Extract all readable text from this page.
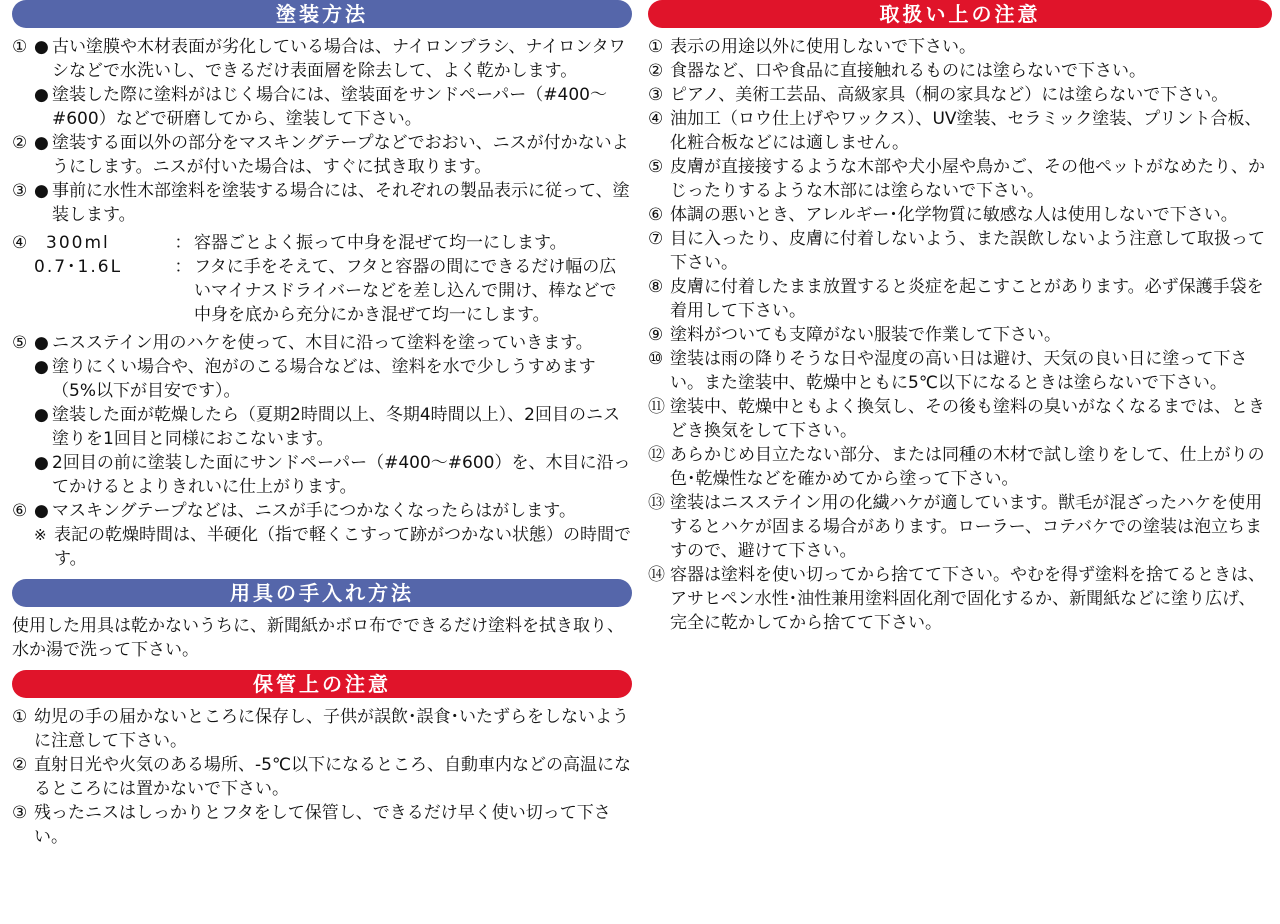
塗装方法
① ● 古い塗膜や木材表面が劣化している場合は、ナイロンブラシ、ナイロンタワシなどで水洗いし、できるだけ表面層を除去して、よく乾かします。
● 塗装した際に塗料がはじく場合には、塗装面をサンドペーパー（#400～#600）などで研磨してから、塗装して下さい。
② ● 塗装する面以外の部分をマスキングテープなどでおおい、ニスが付かないようにします。ニスが付いた場合は、すぐに拭き取ります。
③ ● 事前に水性木部塗料を塗装する場合には、それぞれの製品表示に従って、塗装します。
④	300ml	： 容器ごとよく振って中身を混ぜて均一にします。
0.7･1.6L	： フタに手をそえて、フタと容器の間にできるだけ幅の広いマイナスドライバーなどを差し込んで開け、棒などで中身を底から充分にかき混ぜて均一にします。
⑤ ● ニスステイン用のハケを使って、木目に沿って塗料を塗っていきます。
● 塗りにくい場合や、泡がのこる場合などは、塗料を水で少しうすめます（5%以下が目安です）。
● 塗装した面が乾燥したら（夏期2時間以上、冬期4時間以上）、2回目のニス塗りを1回目と同様におこないます。
● 2回目の前に塗装した面にサンドペーパー（#400～#600）を、木目に沿ってかけるとよりきれいに仕上がります。
⑥ ● マスキングテープなどは、ニスが手につかなくなったらはがします。
※ 表記の乾燥時間は、半硬化（指で軽くこすって跡がつかない状態）の時間です。
用具の手入れ方法
使用した用具は乾かないうちに、新聞紙かボロ布でできるだけ塗料を拭き取り、水か湯で洗って下さい。
保管上の注意
① 幼児の手の届かないところに保存し、子供が誤飲･誤食･いたずらをしないように注意して下さい。
② 直射日光や火気のある場所、-5℃以下になるところ、自動車内などの高温になるところには置かないで下さい。
③ 残ったニスはしっかりとフタをして保管し、できるだけ早く使い切って下さい。
取扱い上の注意
① 表示の用途以外に使用しないで下さい。
② 食器など、口や食品に直接触れるものには塗らないで下さい。
③ ピアノ、美術工芸品、高級家具（桐の家具など）には塗らないで下さい。
④ 油加工（ロウ仕上げやワックス）、UV塗装、セラミック塗装、プリント合板、化粧合板などには適しません。
⑤ 皮膚が直接接するような木部や犬小屋や鳥かご、その他ペットがなめたり、かじったりするような木部には塗らないで下さい。
⑥ 体調の悪いとき、アレルギー･化学物質に敏感な人は使用しないで下さい。
⑦ 目に入ったり、皮膚に付着しないよう、また誤飲しないよう注意して取扱って下さい。
⑧ 皮膚に付着したまま放置すると炎症を起こすことがあります。必ず保護手袋を着用して下さい。
⑨ 塗料がついても支障がない服装で作業して下さい。
⑩ 塗装は雨の降りそうな日や湿度の高い日は避け、天気の良い日に塗って下さい。また塗装中、乾燥中ともに5℃以下になるときは塗らないで下さい。
⑪ 塗装中、乾燥中ともよく換気し、その後も塗料の臭いがなくなるまでは、ときどき換気をして下さい。
⑫ あらかじめ目立たない部分、または同種の木材で試し塗りをして、仕上がりの色･乾燥性などを確かめてから塗って下さい。
⑬ 塗装はニスステイン用の化繊ハケが適しています。獣毛が混ざったハケを使用するとハケが固まる場合があります。ローラー、コテバケでの塗装は泡立ちますので、避けて下さい。
⑭ 容器は塗料を使い切ってから捨てて下さい。やむを得ず塗料を捨てるときは、アサヒペン水性･油性兼用塗料固化剤で固化するか、新聞紙などに塗り広げ、完全に乾かしてから捨てて下さい。
